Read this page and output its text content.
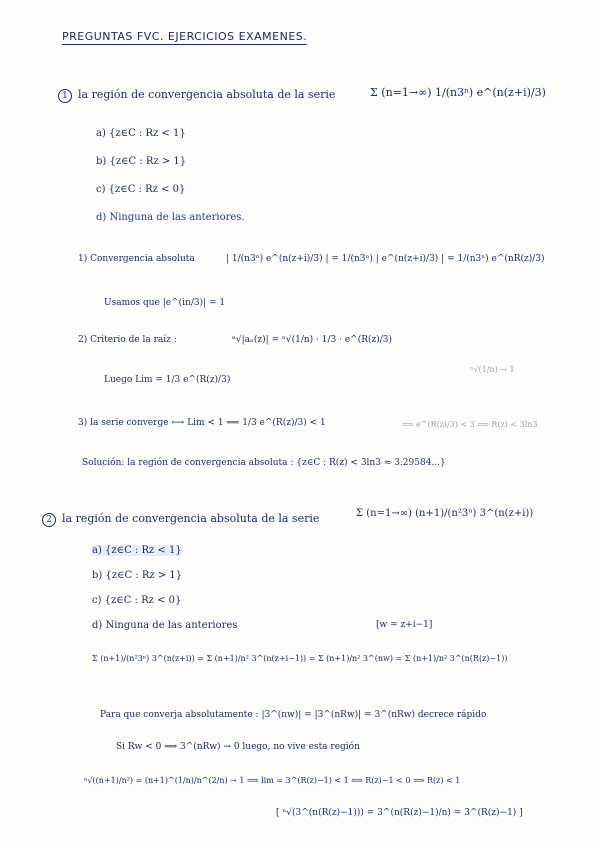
PREGUNTAS FVC. EJERCICIOS EXAMENES.
1 la región de convergencia absoluta de la serie	Σ (n=1→∞) 1/(n3ⁿ) e^(n(z+i)/3)
a) {z∈C : Rz < 1}
b) {z∈C : Rz > 1}
c) {z∈C : Rz < 0}
d) Ninguna de las anteriores.
1) Convergencia absoluta	| 1/(n3ⁿ) e^(n(z+i)/3) | = 1/(n3ⁿ) | e^(n(z+i)/3) | = 1/(n3ⁿ) e^(nR(z)/3)
Usamos que |e^(in/3)| = 1
2) Criterio de la raíz :	ⁿ√|aₙ(z)| = ⁿ√(1/n) · 1/3 · e^(R(z)/3)
ⁿ√(1/n) → 1
Luego Lim = 1/3 e^(R(z)/3)
3) la serie converge ⟷ Lim < 1 ⟹ 1/3 e^(R(z)/3) < 1	⟹ e^(R(z)/3) < 3 ⟹ R(z) < 3ln3
Solución: la región de convergencia absoluta : {z∈C : R(z) < 3ln3 ≈ 3.29584...}
2 la región de convergencia absoluta de la serie	Σ (n=1→∞) (n+1)/(n²3ⁿ) 3^(n(z+i))
a) {z∈C : Rz < 1}
b) {z∈C : Rz > 1}
c) {z∈C : Rz < 0}
d) Ninguna de las anteriores	[w = z+i−1]
Σ (n+1)/(n²3ⁿ) 3^(n(z+i)) = Σ (n+1)/n² 3^(n(z+i−1)) = Σ (n+1)/n² 3^(nw) = Σ (n+1)/n² 3^(n(R(z)−1))
Para que converja absolutamente : |3^(nw)| = |3^(nRw)| = 3^(nRw) decrece rápido
Si Rw < 0 ⟹ 3^(nRw) → 0 luego, no vive esta región
ⁿ√((n+1)/n²) = (n+1)^(1/n)/n^(2/n) → 1 ⟹ lim = 3^(R(z)−1) < 1 ⟺ R(z)−1 < 0 ⟹ R(z) < 1
[ ⁿ√(3^(n(R(z)−1))) = 3^(n(R(z)−1)/n) = 3^(R(z)−1) ]
